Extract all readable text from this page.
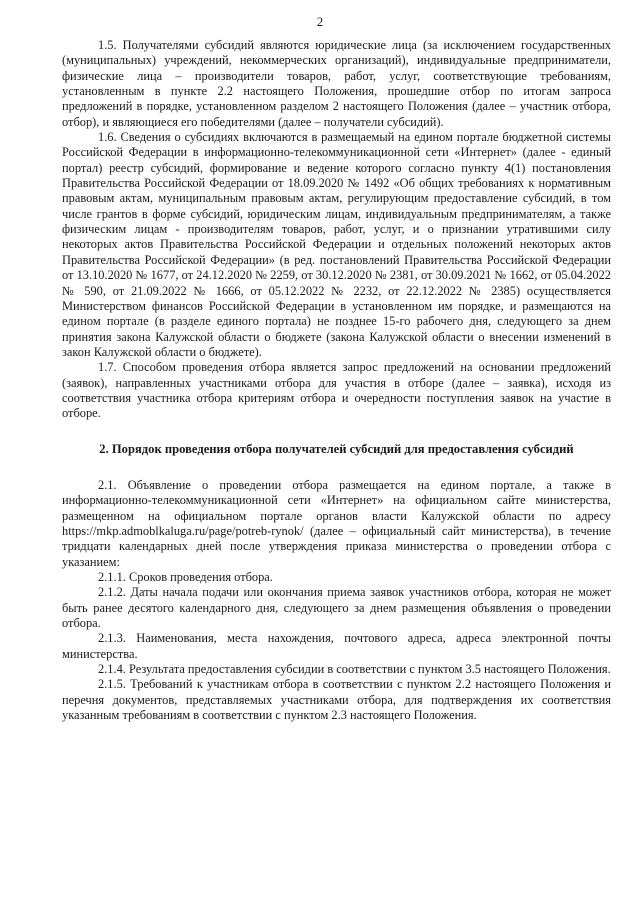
2

1.5. Получателями субсидий являются юридические лица (за исключением государственных (муниципальных) учреждений, некоммерческих организаций), индивидуальные предприниматели, физические лица – производители товаров, работ, услуг, соответствующие требованиям, установленным в пункте 2.2 настоящего Положения, прошедшие отбор по итогам запроса предложений в порядке, установленном разделом 2 настоящего Положения (далее – участник отбора, отбор), и являющиеся его победителями (далее – получатели субсидий).

1.6. Сведения о субсидиях включаются в размещаемый на едином портале бюджетной системы Российской Федерации в информационно-телекоммуникационной сети «Интернет» (далее - единый портал) реестр субсидий, формирование и ведение которого согласно пункту 4(1) постановления Правительства Российской Федерации от 18.09.2020 № 1492 «Об общих требованиях к нормативным правовым актам, муниципальным правовым актам, регулирующим предоставление субсидий, в том числе грантов в форме субсидий, юридическим лицам, индивидуальным предпринимателям, а также физическим лицам - производителям товаров, работ, услуг, и о признании утратившими силу некоторых актов Правительства Российской Федерации и отдельных положений некоторых актов Правительства Российской Федерации» (в ред. постановлений Правительства Российской Федерации от 13.10.2020 № 1677, от 24.12.2020 № 2259, от 30.12.2020 № 2381, от 30.09.2021 № 1662, от 05.04.2022 № 590, от 21.09.2022 № 1666, от 05.12.2022 № 2232, от 22.12.2022 № 2385) осуществляется Министерством финансов Российской Федерации в установленном им порядке, и размещаются на едином портале (в разделе единого портала) не позднее 15-го рабочего дня, следующего за днем принятия закона Калужской области о бюджете (закона Калужской области о внесении изменений в закон Калужской области о бюджете).

1.7. Способом проведения отбора является запрос предложений на основании предложений (заявок), направленных участниками отбора для участия в отборе (далее – заявка), исходя из соответствия участника отбора критериям отбора и очередности поступления заявок на участие в отборе.

2. Порядок проведения отбора получателей субсидий для предоставления субсидий

2.1. Объявление о проведении отбора размещается на едином портале, а также в информационно-телекоммуникационной сети «Интернет» на официальном сайте министерства, размещенном на официальном портале органов власти Калужской области по адресу https://mkp.admoblkaluga.ru/page/potreb-rynok/ (далее – официальный сайт министерства), в течение тридцати календарных дней после утверждения приказа министерства о проведении отбора с указанием:

2.1.1. Сроков проведения отбора.

2.1.2. Даты начала подачи или окончания приема заявок участников отбора, которая не может быть ранее десятого календарного дня, следующего за днем размещения объявления о проведении отбора.

2.1.3. Наименования, места нахождения, почтового адреса, адреса электронной почты министерства.

2.1.4. Результата предоставления субсидии в соответствии с пунктом 3.5 настоящего Положения.

2.1.5. Требований к участникам отбора в соответствии с пунктом 2.2 настоящего Положения и перечня документов, представляемых участниками отбора, для подтверждения их соответствия указанным требованиям в соответствии с пунктом 2.3 настоящего Положения.
